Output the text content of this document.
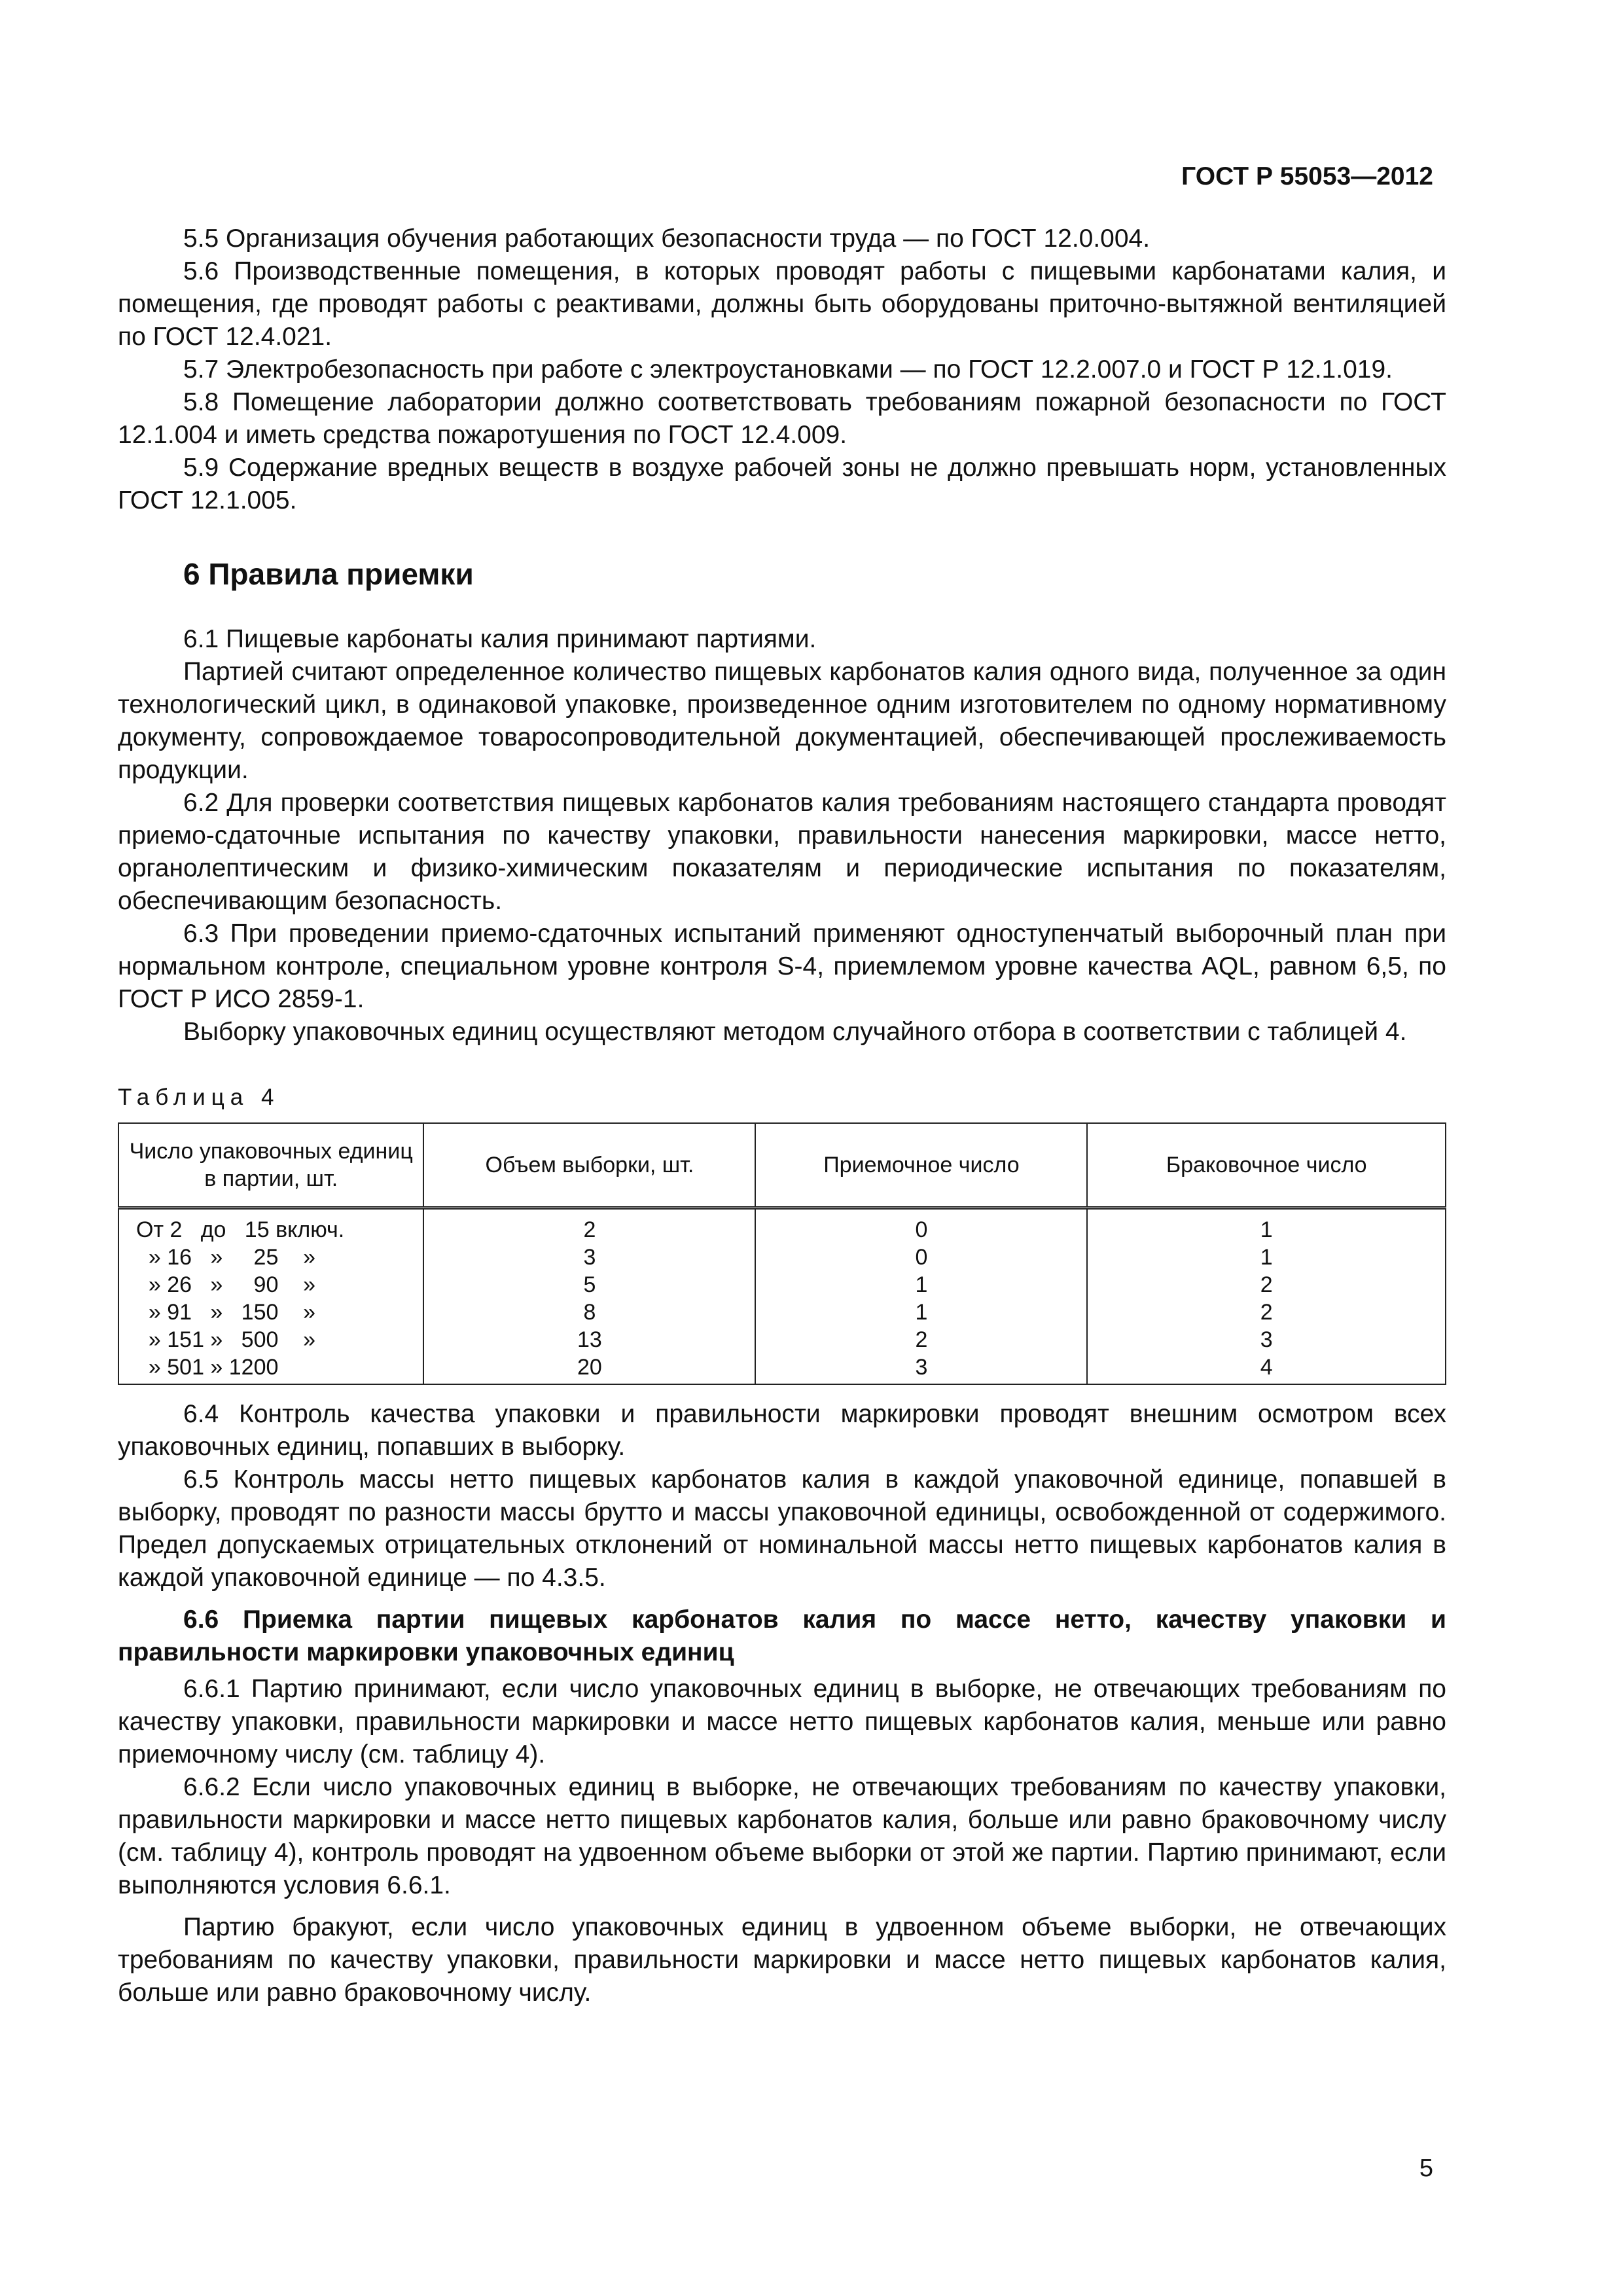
ГОСТ Р 55053—2012

5.5 Организация обучения работающих безопасности труда — по ГОСТ 12.0.004.

5.6 Производственные помещения, в которых проводят работы с пищевыми карбонатами калия, и помещения, где проводят работы с реактивами, должны быть оборудованы приточно-вытяжной вентиляцией по ГОСТ 12.4.021.

5.7 Электробезопасность при работе с электроустановками — по ГОСТ 12.2.007.0 и ГОСТ Р 12.1.019.

5.8 Помещение лаборатории должно соответствовать требованиям пожарной безопасности по ГОСТ 12.1.004 и иметь средства пожаротушения по ГОСТ 12.4.009.

5.9 Содержание вредных веществ в воздухе рабочей зоны не должно превышать норм, установленных ГОСТ 12.1.005.

6 Правила приемки

6.1 Пищевые карбонаты калия принимают партиями.

Партией считают определенное количество пищевых карбонатов калия одного вида, полученное за один технологический цикл, в одинаковой упаковке, произведенное одним изготовителем по одному нормативному документу, сопровождаемое товаросопроводительной документацией, обеспечивающей прослеживаемость продукции.

6.2 Для проверки соответствия пищевых карбонатов калия требованиям настоящего стандарта проводят приемо-сдаточные испытания по качеству упаковки, правильности нанесения маркировки, массе нетто, органолептическим и физико-химическим показателям и периодические испытания по показателям, обеспечивающим безопасность.

6.3 При проведении приемо-сдаточных испытаний применяют одноступенчатый выборочный план при нормальном контроле, специальном уровне контроля S-4, приемлемом уровне качества AQL, равном 6,5, по ГОСТ Р ИСО 2859-1.

Выборку упаковочных единиц осуществляют методом случайного отбора в соответствии с таблицей 4.

Таблица 4
Число упаковочных единиц в партии, шт.	Объем выборки, шт.	Приемочное число	Браковочное число
От 2   до   15 включ.	2	0	1
» 16   »     25    »	3	0	1
» 26   »     90    »	5	1	2
» 91   »   150    »	8	1	2
» 151 »   500    »	13	2	3
» 501 » 1200	20	3	4

6.4 Контроль качества упаковки и правильности маркировки проводят внешним осмотром всех упаковочных единиц, попавших в выборку.

6.5 Контроль массы нетто пищевых карбонатов калия в каждой упаковочной единице, попавшей в выборку, проводят по разности массы брутто и массы упаковочной единицы, освобожденной от содержимого. Предел допускаемых отрицательных отклонений от номинальной массы нетто пищевых карбонатов калия в каждой упаковочной единице — по 4.3.5.

6.6 Приемка партии пищевых карбонатов калия по массе нетто, качеству упаковки и правильности маркировки упаковочных единиц

6.6.1 Партию принимают, если число упаковочных единиц в выборке, не отвечающих требованиям по качеству упаковки, правильности маркировки и массе нетто пищевых карбонатов калия, меньше или равно приемочному числу (см. таблицу 4).

6.6.2 Если число упаковочных единиц в выборке, не отвечающих требованиям по качеству упаковки, правильности маркировки и массе нетто пищевых карбонатов калия, больше или равно браковочному числу (см. таблицу 4), контроль проводят на удвоенном объеме выборки от этой же партии. Партию принимают, если выполняются условия 6.6.1.

Партию бракуют, если число упаковочных единиц в удвоенном объеме выборки, не отвечающих требованиям по качеству упаковки, правильности маркировки и массе нетто пищевых карбонатов калия, больше или равно браковочному числу.

5
